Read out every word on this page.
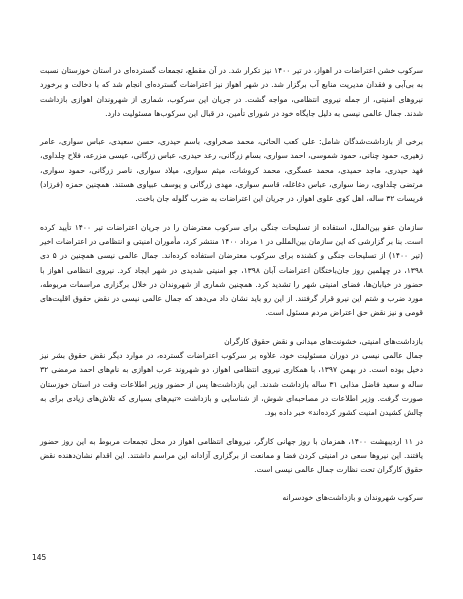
سرکوب خشن اعتراضات در اهواز، در تیر ۱۴۰۰ نیز تکرار شد. در آن مقطع، تجمعات گسترده‌ای در استان خوزستان نسبت به بی‌آبی و فقدان مدیریت منابع آب برگزار شد. در شهر اهواز نیز اعتراضات گسترده‌ای انجام شد که با دخالت و برخورد نیروهای امنیتی، از جمله نیروی انتظامی، مواجه گشت. در جریان این سرکوب، شماری از شهروندان اهوازی بازداشت شدند. جمال عالمی نیسی به دلیل جایگاه خود در شورای تأمین، در قبال این سرکوب‌ها مسئولیت دارد.

برخی از بازداشت‌شدگان شامل: علی کعب الحائی، محمد صخراوی، باسم حیدری، حسن سعیدی، عباس سواری، عامر زهیری، حمود چنانی، حمود شموسی، احمد سواری، بسام زرگانی، رعد حیدری، عباس زرگانی، عیسی مزرعه، فلاح چلداوی، فهد حیدری، ماجد حمیدی، محمد عسگری، محمد کروشات، میثم سواری، میلاد سواری، ناصر زرگانی، حمود سواری، مرتضی چلداوی، رضا سواری، عباس دغاغله، قاسم سواری، مهدی زرگانی و یوسف عبیاوی هستند. همچنین حمزه (فرزاد) فریسات ۳۲ ساله، اهل کوی علوی اهواز، در جریان این اعتراضات به ضرب گلوله جان باخت.

سازمان عفو بین‌الملل، استفاده از تسلیحات جنگی برای سرکوب معترضان را در جریان اعتراضات تیر ۱۴۰۰ تأیید کرده است. بنا بر گزارشی که این سازمان بین‌المللی در ۱ مرداد ۱۴۰۰ منتشر کرد، مأموران امنیتی و انتظامی در اعتراضات اخیر (تیر ۱۴۰۰) از تسلیحات جنگی و کشنده برای سرکوب معترضان استفاده کرده‌اند. جمال عالمی نیسی همچنین در ۵ دی ۱۳۹۸، در چهلمین روز جان‌باختگان اعتراضات آبان ۱۳۹۸، جو امنیتی شدیدی در شهر ایجاد کرد. نیروی انتظامی اهواز با حضور در خیابان‌ها، فضای امنیتی شهر را تشدید کرد. همچنین شماری از شهروندان در خلال برگزاری مراسمات مربوطه، مورد ضرب و شتم این نیرو قرار گرفتند. از این رو باید نشان داد می‌دهد که جمال عالمی نیسی در نقض حقوق اقلیت‌های قومی و نیز نقض حق اعتراض مردم مسئول است.

بازداشت‌های امنیتی، خشونت‌های میدانی و نقض حقوق کارگران
جمال عالمی نیسی در دوران مسئولیت خود، علاوه بر سرکوب اعتراضات گسترده، در موارد دیگر نقض حقوق بشر نیز دخیل بوده است. در بهمن ۱۳۹۷، با همکاری نیروی انتظامی اهواز، دو شهروند عرب اهوازی به نام‌های احمد مرمضی ۳۲ ساله و سعید فاضل مذابی ۳۱ ساله بازداشت شدند. این بازداشت‌ها پس از حضور وزیر اطلاعات وقت در استان خوزستان صورت گرفت. وزیر اطلاعات در مصاحبه‌ای شوش، از شناسایی و بازداشت «تیم‌های بسیاری که تلاش‌های زیادی برای به چالش کشیدن امنیت کشور کرده‌اند» خبر داده بود.

در ۱۱ اردیبهشت ۱۴۰۰، همزمان با روز جهانی کارگر، نیروهای انتظامی اهواز در محل تجمعات مربوط به این روز حضور یافتند. این نیروها سعی در امنیتی کردن فضا و ممانعت از برگزاری آزادانه این مراسم داشتند. این اقدام نشان‌دهنده نقض حقوق کارگران تحت نظارت جمال عالمی نیسی است.

سرکوب شهروندان و بازداشت‌های خودسرانه

145
